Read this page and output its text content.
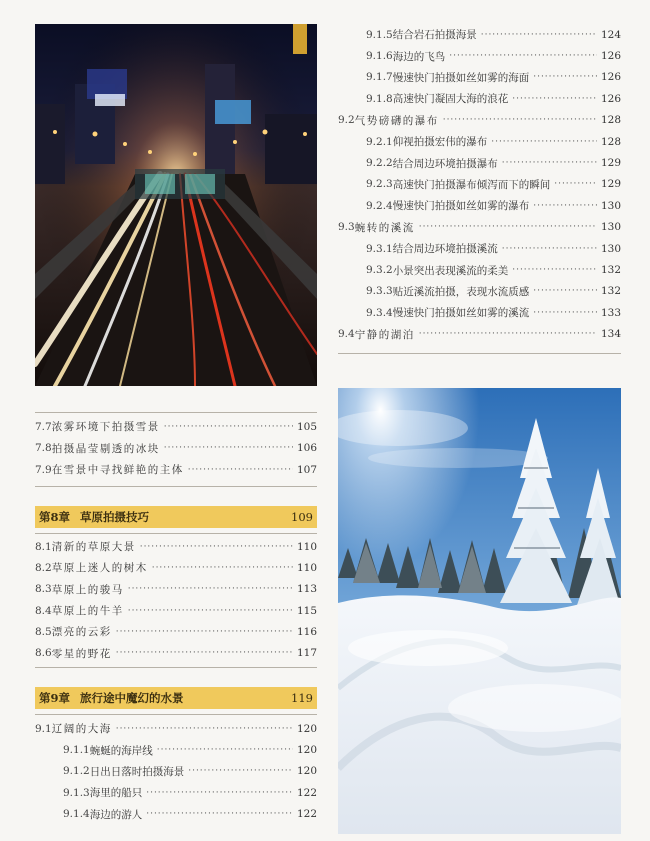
9.1.5 结合岩石拍摄海景 ·····	124
9.1.6 海边的飞鸟 ·····	126
9.1.7 慢速快门拍摄如丝如雾的海面 ·····	126
9.1.8 高速快门凝固大海的浪花 ·····	126
9.2 气势磅礴的瀑布 ·····	128
9.2.1 仰视拍摄宏伟的瀑布 ·····	128
9.2.2 结合周边环境拍摄瀑布 ·····	129
9.2.3 高速快门拍摄瀑布倾泻而下的瞬间 ·····	129
9.2.4 慢速快门拍摄如丝如雾的瀑布 ·····	130
9.3 蜿转的溪流 ·····	130
9.3.1 结合周边环境拍摄溪流 ·····	130
9.3.2 小景突出表现溪流的柔美 ·····	132
9.3.3 贴近溪流拍摄，表现水流质感 ·····	132
9.3.4 慢速快门拍摄如丝如雾的溪流 ·····	133
9.4 宁静的湖泊 ·····	134
7.7 浓雾环境下拍摄雪景 ·····	105
7.8 拍摄晶莹剔透的冰块 ·····	106
7.9 在雪景中寻找鲜艳的主体 ·····	107
第8章 草原拍摄技巧	109
8.1 清新的草原大景 ·····	110
8.2 草原上迷人的树木 ·····	110
8.3 草原上的骏马 ·····	113
8.4 草原上的牛羊 ·····	115
8.5 漂亮的云彩 ·····	116
8.6 零星的野花 ·····	117
第9章 旅行途中魔幻的水景	119
9.1 辽阔的大海 ·····	120
9.1.1 蜿蜒的海岸线 ·····	120
9.1.2 日出日落时拍摄海景 ·····	120
9.1.3 海里的船只 ·····	122
9.1.4 海边的游人 ·····	122
